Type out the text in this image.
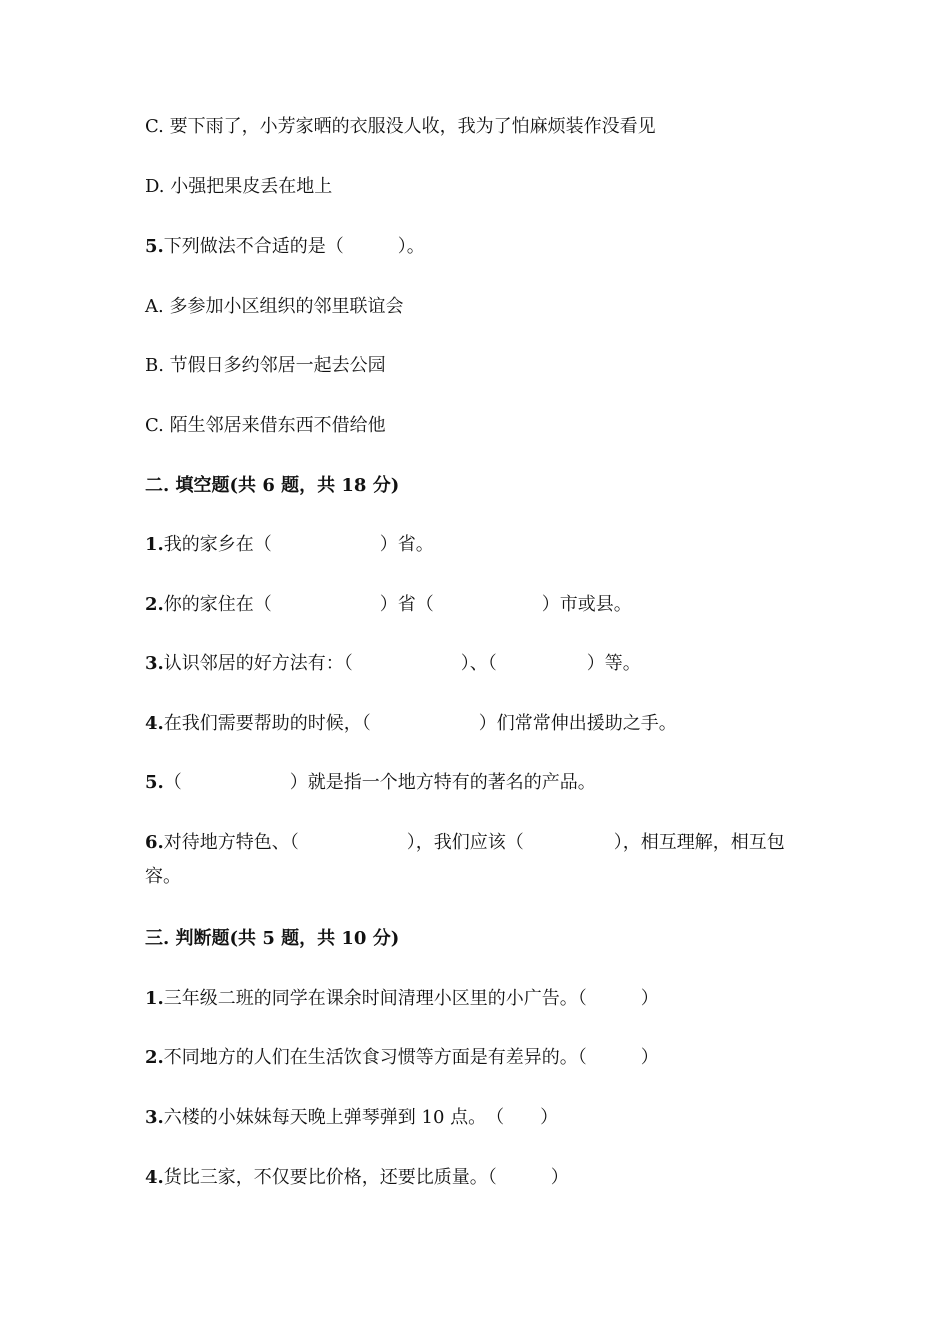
C. 要下雨了，小芳家晒的衣服没人收，我为了怕麻烦装作没看见
D. 小强把果皮丢在地上
5.下列做法不合适的是（　　　）。
A. 多参加小区组织的邻里联谊会
B. 节假日多约邻居一起去公园
C. 陌生邻居来借东西不借给他
二. 填空题(共 6 题，共 18 分)
1.我的家乡在（　　　　　　）省。
2.你的家住在（　　　　　　）省（　　　　　　）市或县。
3.认识邻居的好方法有：（　　　　　　）、（　　　　　）等。
4.在我们需要帮助的时候，（　　　　　　）们常常伸出援助之手。
5.（　　　　　　）就是指一个地方特有的著名的产品。
6.对待地方特色、（　　　　　　），我们应该（　　　　　），相互理解，相互包容。
三. 判断题(共 5 题，共 10 分)
1.三年级二班的同学在课余时间清理小区里的小广告。（　　　）
2.不同地方的人们在生活饮食习惯等方面是有差异的。（　　　）
3.六楼的小妹妹每天晚上弹琴弹到 10 点。　（　　）
4.货比三家，不仅要比价格，还要比质量。（　　　）
